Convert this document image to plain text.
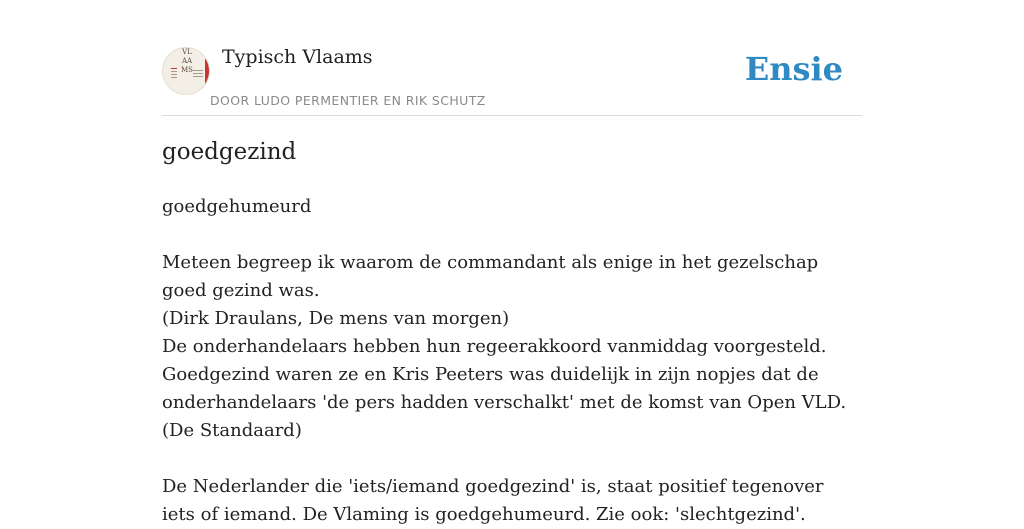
VLAAMS
Typisch Vlaams
DOOR LUDO PERMENTIER EN RIK SCHUTZ
Ensie
goedgezind

goedgehumeurd

Meteen begreep ik waarom de commandant als enige in het gezelschap goed gezind was.

(Dirk Draulans, De mens van morgen)

De onderhandelaars hebben hun regeerakkoord vanmiddag voorgesteld. Goedgezind waren ze en Kris Peeters was duidelijk in zijn nopjes dat de onderhandelaars 'de pers hadden verschalkt' met de komst van Open VLD.

(De Standaard)

De Nederlander die 'iets/iemand goedgezind' is, staat positief tegenover iets of iemand. De Vlaming is goedgehumeurd. Zie ook: 'slechtgezind'.
